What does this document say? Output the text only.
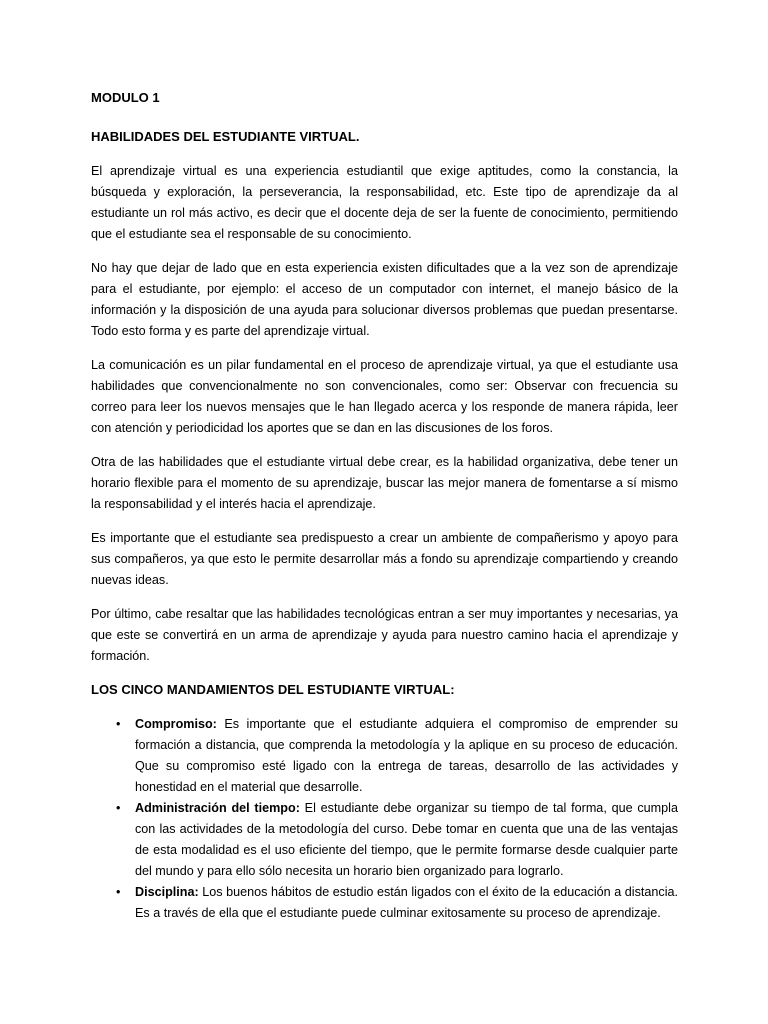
MODULO 1

HABILIDADES DEL ESTUDIANTE VIRTUAL.

El aprendizaje virtual es una experiencia estudiantil que exige aptitudes, como la constancia, la búsqueda y exploración, la perseverancia, la responsabilidad, etc. Este tipo de aprendizaje da al estudiante un rol más activo, es decir que el docente deja de ser la fuente de conocimiento, permitiendo que el estudiante sea el responsable de su conocimiento.

No hay que dejar de lado que en esta experiencia existen dificultades que a la vez son de aprendizaje para el estudiante, por ejemplo: el acceso de un computador con internet, el manejo básico de la información y la disposición de una ayuda para solucionar diversos problemas que puedan presentarse. Todo esto forma y es parte del aprendizaje virtual.

La comunicación es un pilar fundamental en el proceso de aprendizaje virtual, ya que el estudiante usa habilidades que convencionalmente no son convencionales, como ser: Observar con frecuencia su correo para leer los nuevos mensajes que le han llegado acerca y los responde de manera rápida, leer con atención y periodicidad los aportes que se dan en las discusiones de los foros.

Otra de las habilidades que el estudiante virtual debe crear, es la habilidad organizativa, debe tener un horario flexible para el momento de su aprendizaje, buscar las mejor manera de fomentarse a sí mismo la responsabilidad y el interés hacia el aprendizaje.

Es importante que el estudiante sea predispuesto a crear un ambiente de compañerismo y apoyo para sus compañeros, ya que esto le permite desarrollar más a fondo su aprendizaje compartiendo y creando nuevas ideas.

Por último, cabe resaltar que las habilidades tecnológicas entran a ser muy importantes y necesarias, ya que este se convertirá en un arma de aprendizaje y ayuda para nuestro camino hacia el aprendizaje y formación.

LOS CINCO MANDAMIENTOS DEL ESTUDIANTE VIRTUAL:

• Compromiso: Es importante que el estudiante adquiera el compromiso de emprender su formación a distancia, que comprenda la metodología y la aplique en su proceso de educación. Que su compromiso esté ligado con la entrega de tareas, desarrollo de las actividades y honestidad en el material que desarrolle.
• Administración del tiempo: El estudiante debe organizar su tiempo de tal forma, que cumpla con las actividades de la metodología del curso. Debe tomar en cuenta que una de las ventajas de esta modalidad es el uso eficiente del tiempo, que le permite formarse desde cualquier parte del mundo y para ello sólo necesita un horario bien organizado para lograrlo.
• Disciplina: Los buenos hábitos de estudio están ligados con el éxito de la educación a distancia. Es a través de ella que el estudiante puede culminar exitosamente su proceso de aprendizaje.
